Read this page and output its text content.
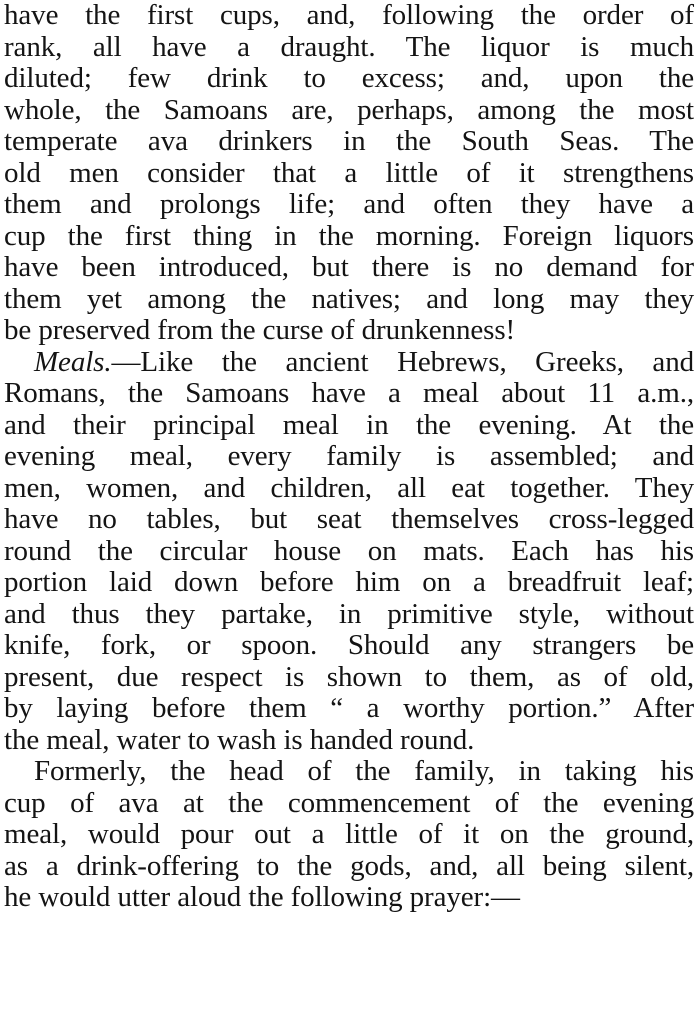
have the first cups, and, following the order of
rank, all have a draught. The liquor is much
diluted; few drink to excess; and, upon the
whole, the Samoans are, perhaps, among the most
temperate ava drinkers in the South Seas. The
old men consider that a little of it strengthens
them and prolongs life; and often they have a
cup the first thing in the morning. Foreign liquors
have been introduced, but there is no demand for
them yet among the natives; and long may they
be preserved from the curse of drunkenness!
Meals.—Like the ancient Hebrews, Greeks, and
Romans, the Samoans have a meal about 11 a.m.,
and their principal meal in the evening. At the
evening meal, every family is assembled; and
men, women, and children, all eat together. They
have no tables, but seat themselves cross-legged
round the circular house on mats. Each has his
portion laid down before him on a breadfruit leaf;
and thus they partake, in primitive style, without
knife, fork, or spoon. Should any strangers be
present, due respect is shown to them, as of old,
by laying before them “ a worthy portion.” After
the meal, water to wash is handed round.
Formerly, the head of the family, in taking his
cup of ava at the commencement of the evening
meal, would pour out a little of it on the ground,
as a drink-offering to the gods, and, all being silent,
he would utter aloud the following prayer:—
